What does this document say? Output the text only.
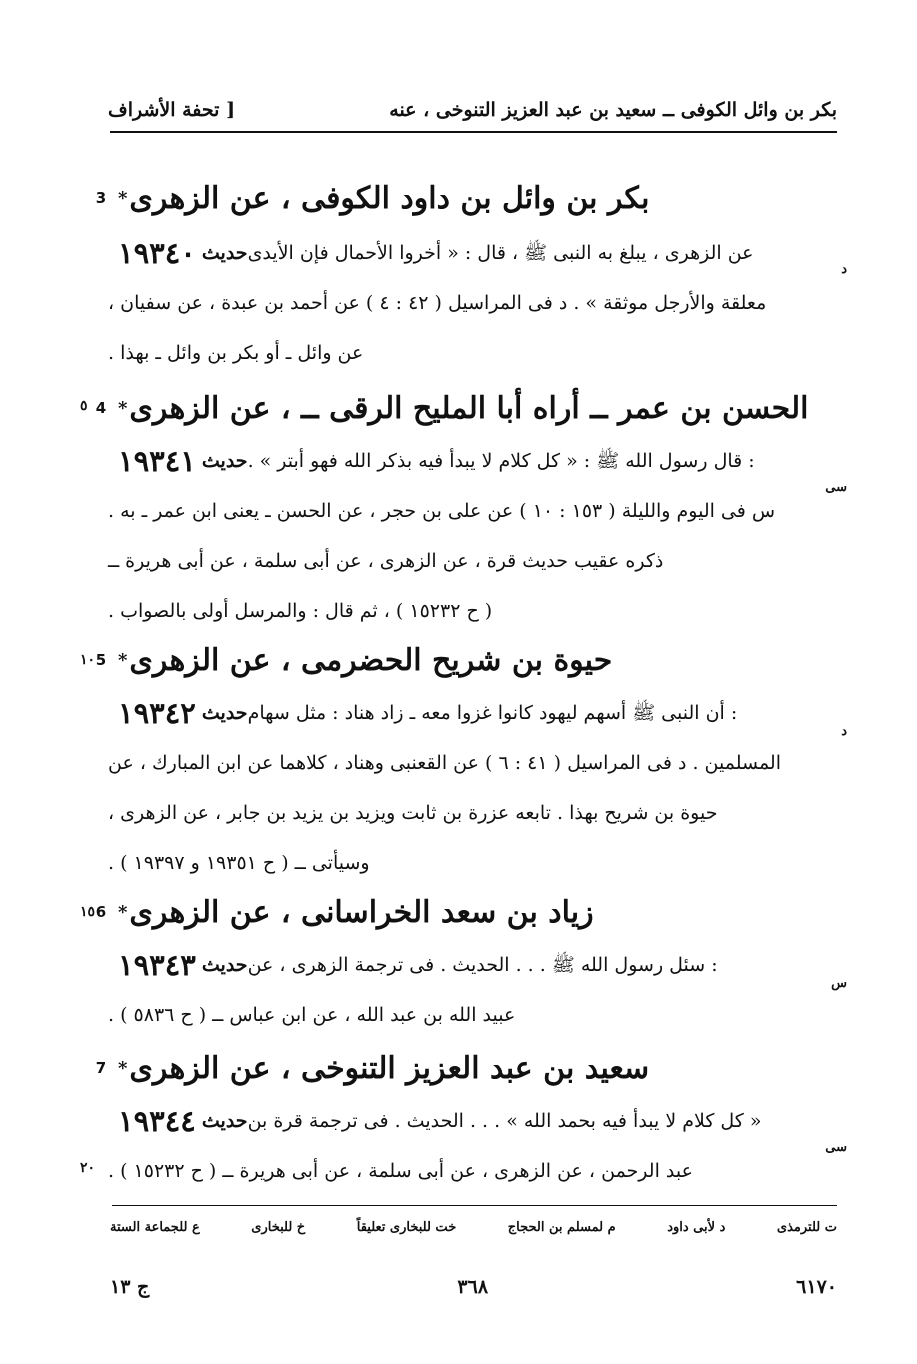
بكر بن وائل الكوفى ــ سعيد بن عبد العزيز التنوخى ، عنه
[ تحفة الأشراف
3 * بكر بن وائل بن داود الكوفى ، عن الزهرى
د
١٩٣٤٠ حديث عن الزهرى ، يبلغ به النبى ﷺ ، قال : « أخروا الأحمال فإن الأيدى
معلقة والأرجل موثقة » . د فى المراسيل ( ٤٢ : ٤ ) عن أحمد بن عبدة ، عن سفيان ،
عن وائل ـ أو بكر بن وائل ـ بهذا .
٥ 4 * الحسن بن عمر ــ أراه أبا المليح الرقى ــ ، عن الزهرى
سى
١٩٣٤١ حديث : قال رسول الله ﷺ : « كل كلام لا يبدأ فيه بذكر الله فهو أبتر » .
س فى اليوم والليلة ( ١٥٣ : ١٠ ) عن على بن حجر ، عن الحسن ـ يعنى ابن عمر ـ به .
ذكره عقيب حديث قرة ، عن الزهرى ، عن أبى سلمة ، عن أبى هريرة ــ
( ح ١٥٢٣٢ ) ، ثم قال : والمرسل أولى بالصواب .
١٠ 5 * حيوة بن شريح الحضرمى ، عن الزهرى
د
١٩٣٤٢ حديث : أن النبى ﷺ أسهم ليهود كانوا غزوا معه ـ زاد هناد : مثل سهام
المسلمين . د فى المراسيل ( ٤١ : ٦ ) عن القعنبى وهناد ، كلاهما عن ابن المبارك ، عن
حيوة بن شريح بهذا . تابعه عزرة بن ثابت ويزيد بن يزيد بن جابر ، عن الزهرى ،
وسيأتى ــ ( ح ١٩٣٥١ و ١٩٣٩٧ ) .
١٥ 6 * زياد بن سعد الخراسانى ، عن الزهرى
س
١٩٣٤٣ حديث : سئل رسول الله ﷺ . . . الحديث . فى ترجمة الزهرى ، عن
عبيد الله بن عبد الله ، عن ابن عباس ــ ( ح ٥٨٣٦ ) .
7 * سعيد بن عبد العزيز التنوخى ، عن الزهرى
سى
١٩٣٤٤ حديث « كل كلام لا يبدأ فيه بحمد الله » . . . الحديث . فى ترجمة قرة بن
عبد الرحمن ، عن الزهرى ، عن أبى سلمة ، عن أبى هريرة ــ ( ح ١٥٢٣٢ ) .
٢٠
ع للجماعة الستة	خ للبخارى	خت للبخارى تعليقاً	م لمسلم بن الحجاج	د لأبى داود	ت للترمذى
ج ١٣	٣٦٨	٦١٧٠
